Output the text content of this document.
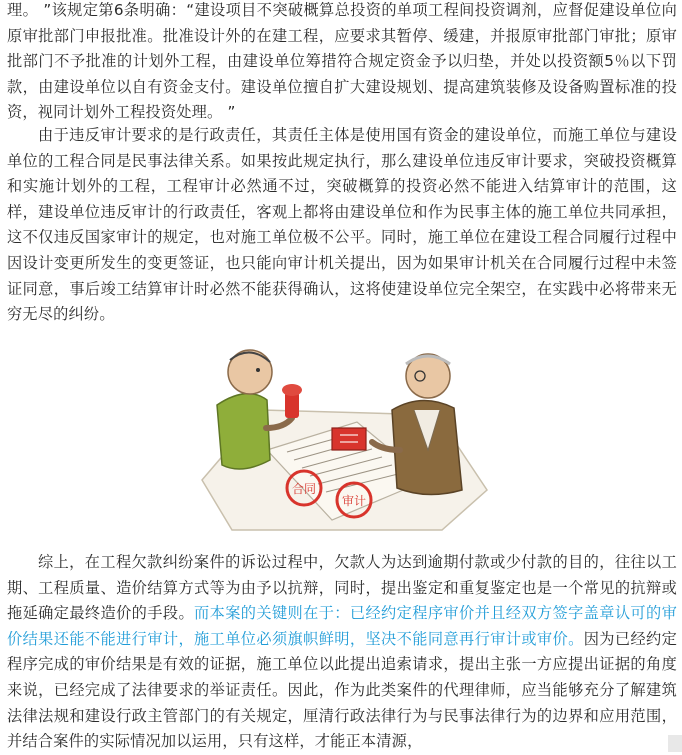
理。 ”该规定第6条明确：“建设项目不突破概算总投资的单项工程间投资调剂，应督促建设单位向原审批部门申报批准。批准设计外的在建工程，应要求其暂停、缓建，并报原审批部门审批；原审批部门不予批准的计划外工程，由建设单位筹措符合规定资金予以归垫，并处以投资额5％以下罚款，由建设单位以自有资金支付。建设单位擅自扩大建设规划、提高建筑装修及设备购置标准的投资，视同计划外工程投资处理。 ”

由于违反审计要求的是行政责任，其责任主体是使用国有资金的建设单位，而施工单位与建设单位的工程合同是民事法律关系。如果按此规定执行，那么建设单位违反审计要求，突破投资概算和实施计划外的工程，工程审计必然通不过，突破概算的投资必然不能进入结算审计的范围，这样，建设单位违反审计的行政责任，客观上都将由建设单位和作为民事主体的施工单位共同承担，这不仅违反国家审计的规定，也对施工单位极不公平。同时，施工单位在建设工程合同履行过程中因设计变更所发生的变更签证，也只能向审计机关提出，因为如果审计机关在合同履行过程中未签证同意，事后竣工结算审计时必然不能获得确认，这将使建设单位完全架空，在实践中必将带来无穷无尽的纠纷。

合同
审计

综上，在工程欠款纠纷案件的诉讼过程中，欠款人为达到逾期付款或少付款的目的，往往以工期、工程质量、造价结算方式等为由予以抗辩，同时，提出鉴定和重复鉴定也是一个常见的抗辩或拖延确定最终造价的手段。而本案的关键则在于：已经约定程序审价并且经双方签字盖章认可的审价结果还能不能进行审计，施工单位必须旗帜鲜明，坚决不能同意再行审计或审价。因为已经约定程序完成的审价结果是有效的证据，施工单位以此提出追索请求，提出主张一方应提出证据的角度来说，已经完成了法律要求的举证责任。因此，作为此类案件的代理律师，应当能够充分了解建筑法律法规和建设行政主管部门的有关规定，厘清行政法律行为与民事法律行为的边界和应用范围，并结合案件的实际情况加以运用，只有这样，才能正本清源，
